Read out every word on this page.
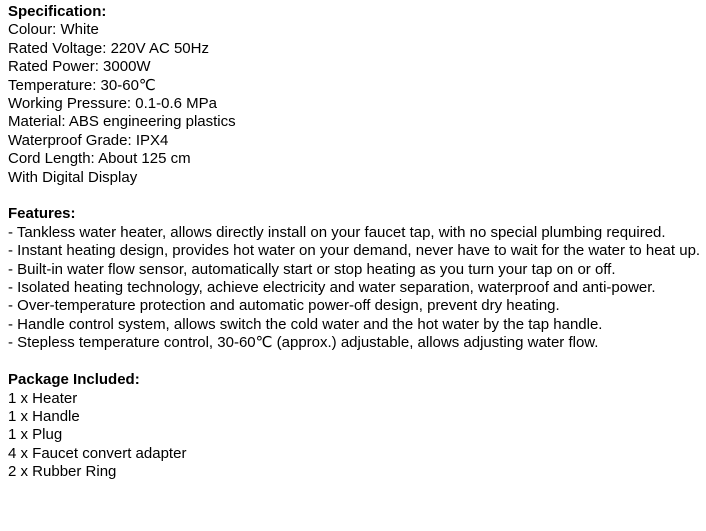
Specification:

Colour: White

Rated Voltage: 220V AC 50Hz

Rated Power: 3000W

Temperature: 30-60℃

Working Pressure: 0.1-0.6 MPa

Material: ABS engineering plastics

Waterproof Grade: IPX4

Cord Length: About 125 cm

With Digital Display

Features:

- Tankless water heater, allows directly install on your faucet tap, with no special plumbing required.

- Instant heating design, provides hot water on your demand, never have to wait for the water to heat up.

- Built-in water flow sensor, automatically start or stop heating as you turn your tap on or off.

- Isolated heating technology, achieve electricity and water separation, waterproof and anti-power.

- Over-temperature protection and automatic power-off design, prevent dry heating.

- Handle control system, allows switch the cold water and the hot water by the tap handle.

- Stepless temperature control, 30-60℃ (approx.) adjustable, allows adjusting water flow.

Package Included:

1 x Heater

1 x Handle

1 x Plug

4 x Faucet convert adapter

2 x Rubber Ring
